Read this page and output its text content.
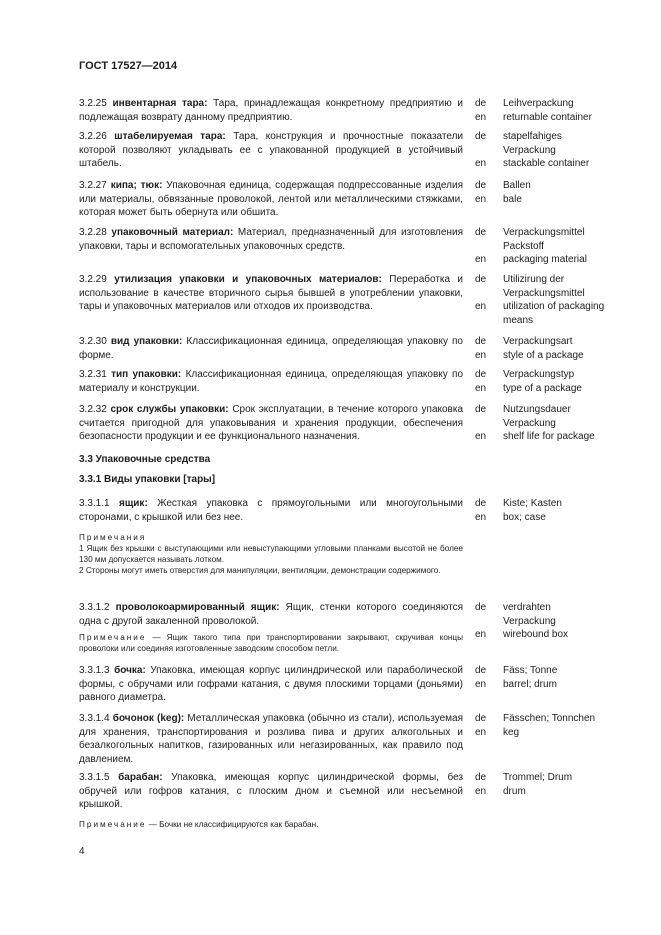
ГОСТ 17527—2014
3.2.25 инвентарная тара: Тара, принадлежащая конкретному предприятию и подлежащая возврату данному предприятию.
de
en
Leihverpackung
returnable container
3.2.26 штабелируемая тара: Тара, конструкция и прочностные показатели которой позволяют укладывать ее с упакованной продукцией в устойчивый штабель.
de
en
stapelfahiges
Verpackung
stackable container
3.2.27 кипа; тюк: Упаковочная единица, содержащая подпрессованные изделия или материалы, обвязанные проволокой, лентой или металлическими стяжками, которая может быть обернута или обшита.
de
en
Ballen
bale
3.2.28 упаковочный материал: Материал, предназначенный для изготовления упаковки, тары и вспомогательных упаковочных средств.
de
en
Verpackungsmittel
Packstoff
packaging material
3.2.29 утилизация упаковки и упаковочных материалов: Переработка и использование в качестве вторичного сырья бывшей в употреблении упаковки, тары и упаковочных материалов или отходов их производства.
de
en
Utilizirung der
Verpackungsmittel
utilization of packaging
means
3.2.30 вид упаковки: Классификационная единица, определяющая упаковку по форме.
de
en
Verpackungsart
style of a package
3.2.31 тип упаковки: Классификационная единица, определяющая упаковку по материалу и конструкции.
de
en
Verpackungstyp
type of a package
3.2.32 срок службы упаковки: Срок эксплуатации, в течение которого упаковка считается пригодной для упаковывания и хранения продукции, обеспечения безопасности продукции и ее функционального назначения.
de
en
Nutzungsdauer
Verpackung
shelf life for package
3.3 Упаковочные средства
3.3.1 Виды упаковки [тары]
3.3.1.1 ящик: Жесткая упаковка с прямоугольными или многоугольными сторонами, с крышкой или без нее.
de
en
Kiste; Kasten
box; case
Примечания
1 Ящик без крышки с выступающими или невыступающими угловыми планками высотой не более 130 мм допускается называть лотком.
2 Стороны могут иметь отверстия для манипуляции, вентиляции, демонстрации содержимого.
3.3.1.2 проволокоармированный ящик: Ящик, стенки которого соединяются одна с другой закаленной проволокой.
de
en
verdrahten
Verpackung
wirebound box
Примечание — Ящик такого типа при транспортировании закрывают, скручивая концы проволоки или соединяя изготовленные заводским способом петли.
3.3.1.3 бочка: Упаковка, имеющая корпус цилиндрической или параболической формы, с обручами или гофрами катания, с двумя плоскими торцами (доньями) равного диаметра.
de
en
Fäss; Tonne
barrel; drum
3.3.1.4 бочонок (keg): Металлическая упаковка (обычно из стали), используемая для хранения, транспортирования и розлива пива и других алкогольных и безалкогольных напитков, газированных или негазированных, как правило под давлением.
de
en
Fässchen; Tonnchen
keg
3.3.1.5 барабан: Упаковка, имеющая корпус цилиндрической формы, без обручей или гофров катания, с плоским дном и съемной или несъемной крышкой.
de
en
Trommel; Drum
drum
Примечание — Бочки не классифицируются как барабан.
4
